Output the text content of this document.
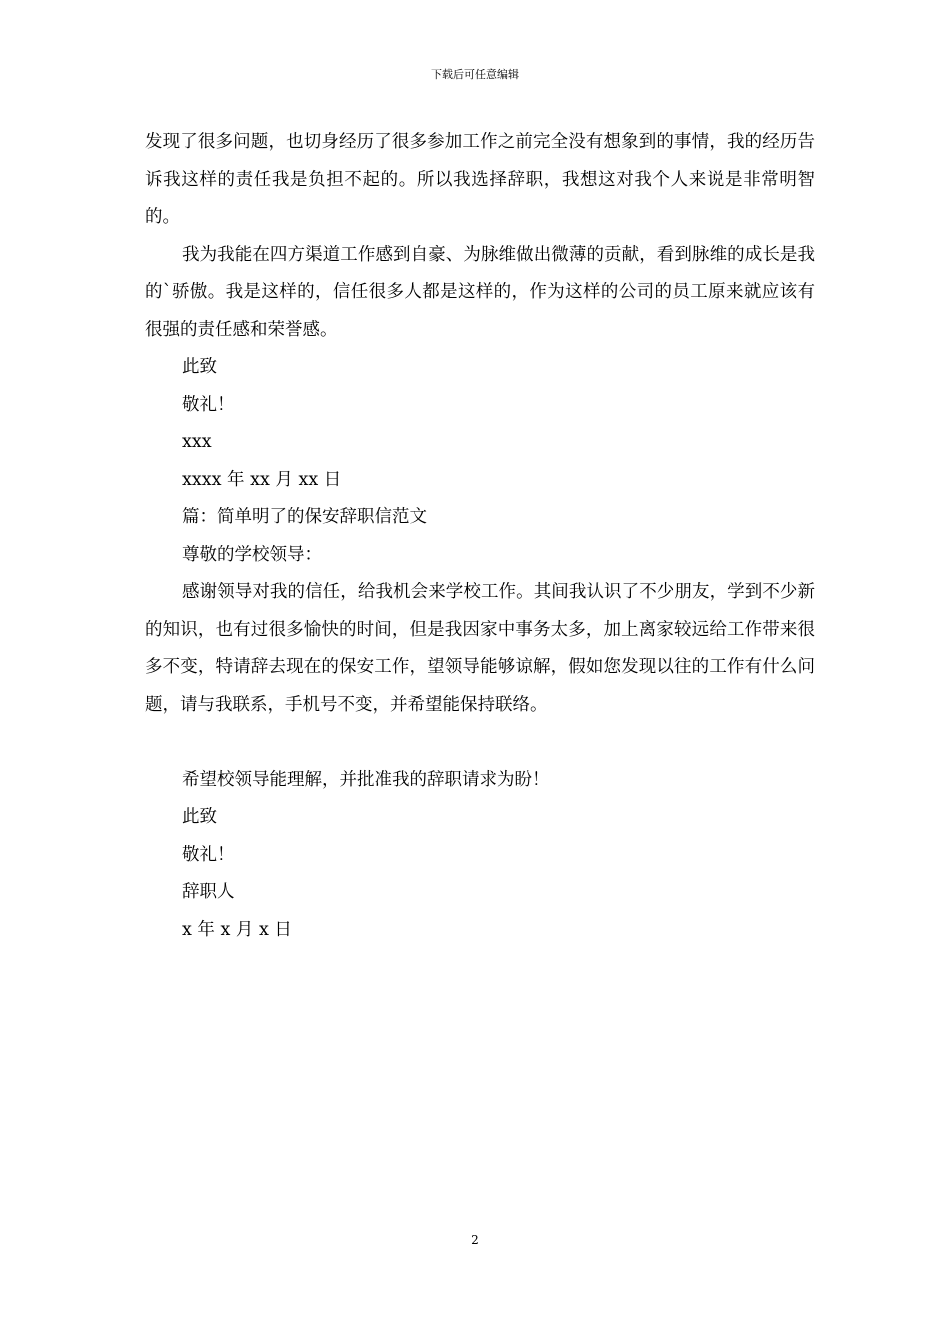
下载后可任意编辑

发现了很多问题，也切身经历了很多参加工作之前完全没有想象到的事情，我的经历告诉我这样的责任我是负担不起的。所以我选择辞职，我想这对我个人来说是非常明智的。

我为我能在四方渠道工作感到自豪、为脉维做出微薄的贡献，看到脉维的成长是我的`骄傲。我是这样的，信任很多人都是这样的，作为这样的公司的员工原来就应该有很强的责任感和荣誉感。

此致

敬礼！

xxx

xxxx 年 xx 月 xx 日

篇：简单明了的保安辞职信范文

尊敬的学校领导：

感谢领导对我的信任，给我机会来学校工作。其间我认识了不少朋友，学到不少新的知识，也有过很多愉快的时间，但是我因家中事务太多，加上离家较远给工作带来很多不变，特请辞去现在的保安工作，望领导能够谅解，假如您发现以往的工作有什么问题，请与我联系，手机号不变，并希望能保持联络。

希望校领导能理解，并批准我的辞职请求为盼！

此致

敬礼！

辞职人

x 年 x 月 x 日

2
